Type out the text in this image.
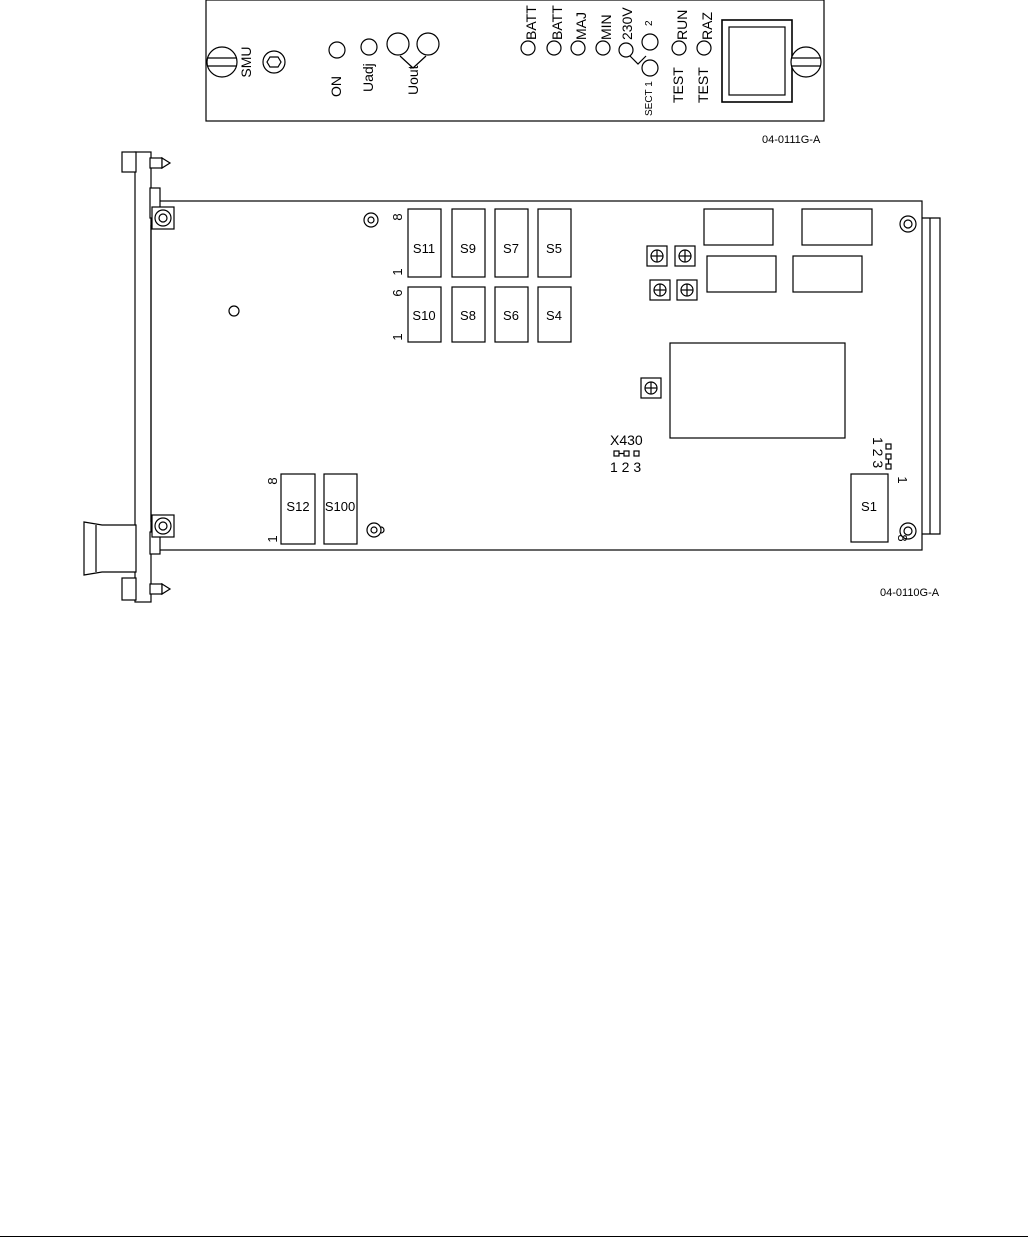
SMU
ON Uadj Uout
BATT BATT MAJ MIN 230V 2
SECT 1
RUN
TEST
RAZ
TEST
04-0111G-A
S11 S9 S7 S5
S10 S8 S6 S4
8
1
6
1
S12 S100
8
1
S1
1
8
X430
1 2 3	1 2 3
04-0110G-A
